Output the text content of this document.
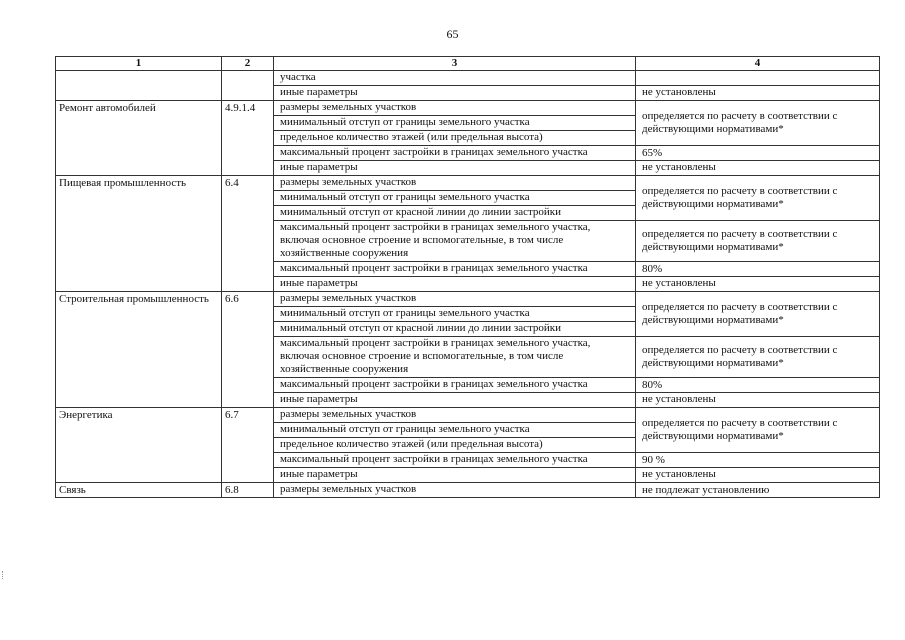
65
1	2	3	4
		участка	
		иные параметры	не установлены
Ремонт автомобилей	4.9.1.4	размеры земельных участков	определяется по расчету в соответствии с действующими нормативами*
		минимальный отступ от границы земельного участка	
		предельное количество этажей (или предельная высота)	
		максимальный процент застройки в границах земельного участка	65%
		иные параметры	не установлены
Пищевая промышленность	6.4	размеры земельных участков	определяется по расчету в соответствии с действующими нормативами*
		минимальный отступ от границы земельного участка	
		минимальный отступ от красной линии до линии застройки	
		максимальный процент застройки в границах земельного участка, включая основное строение и вспомогательные, в том числе хозяйственные сооружения	определяется по расчету в соответствии с действующими нормативами*
		максимальный процент застройки в границах земельного участка	80%
		иные параметры	не установлены
Строительная промышленность	6.6	размеры земельных участков	определяется по расчету в соответствии с действующими нормативами*
		минимальный отступ от границы земельного участка	
		минимальный отступ от красной линии до линии застройки	
		максимальный процент застройки в границах земельного участка, включая основное строение и вспомогательные, в том числе хозяйственные сооружения	определяется по расчету в соответствии с действующими нормативами*
		максимальный процент застройки в границах земельного участка	80%
		иные параметры	не установлены
Энергетика	6.7	размеры земельных участков	определяется по расчету в соответствии с действующими нормативами*
		минимальный отступ от границы земельного участка	
		предельное количество этажей (или предельная высота)	
		максимальный процент застройки в границах земельного участка	90 %
		иные параметры	не установлены
Связь	6.8	размеры земельных участков	не подлежат установлению
